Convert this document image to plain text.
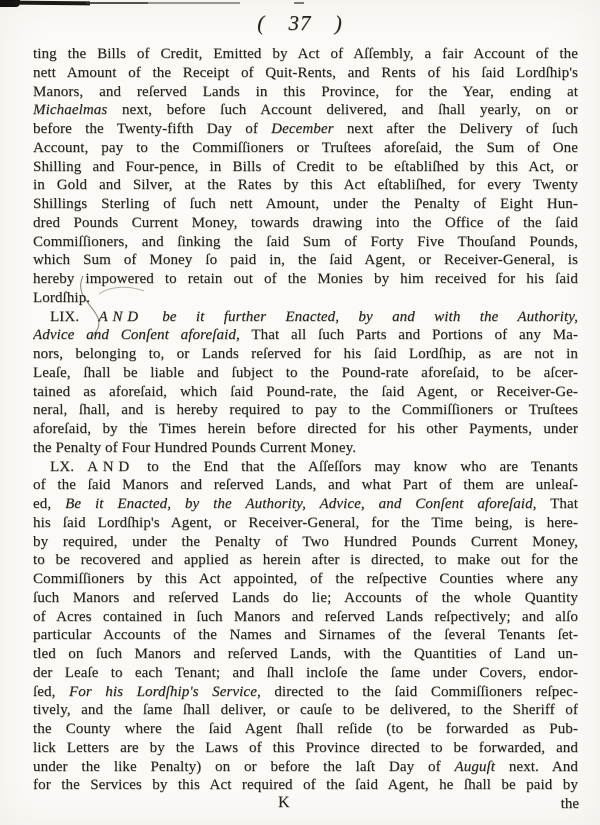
( 37 )
ting the Bills of Credit, Emitted by Act of Aſſembly, a fair Account of the
nett Amount of the Receipt of Quit-Rents, and Rents of his ſaid Lordſhip's
Manors, and reſerved Lands in this Province, for the Year, ending at
Michaelmas next, before ſuch Account delivered, and ſhall yearly, on or
before the Twenty-fifth Day of December next after the Delivery of ſuch
Account, pay to the Commiſſioners or Truſtees aforeſaid, the Sum of One
Shilling and Four-pence, in Bills of Credit to be eſtabliſhed by this Act, or
in Gold and Silver, at the Rates by this Act eſtabliſhed, for every Twenty
Shillings Sterling of ſuch nett Amount, under the Penalty of Eight Hun-
dred Pounds Current Money, towards drawing into the Office of the ſaid
Commiſſioners, and ſinking the ſaid Sum of Forty Five Thouſand Pounds,
which Sum of Money ſo paid in, the ſaid Agent, or Receiver-General, is
hereby impowered to retain out of the Monies by him received for his ſaid
Lordſhip.
LIX. AND be it further Enacted, by and with the Authority,
Advice and Conſent aforeſaid, That all ſuch Parts and Portions of any Ma-
nors, belonging to, or Lands reſerved for his ſaid Lordſhip, as are not in
Leaſe, ſhall be liable and ſubject to the Pound-rate aforeſaid, to be aſcer-
tained as aforeſaid, which ſaid Pound-rate, the ſaid Agent, or Receiver-Ge-
neral, ſhall, and is hereby required to pay to the Commiſſioners or Truſtees
aforeſaid, by the Times herein before directed for his other Payments, under
the Penalty of Four Hundred Pounds Current Money.
LX. AND to the End that the Aſſeſſors may know who are Tenants
of the ſaid Manors and reſerved Lands, and what Part of them are unleaſ-
ed, Be it Enacted, by the Authority, Advice, and Conſent aforeſaid, That
his ſaid Lordſhip's Agent, or Receiver-General, for the Time being, is here-
by required, under the Penalty of Two Hundred Pounds Current Money,
to be recovered and applied as herein after is directed, to make out for the
Commiſſioners by this Act appointed, of the reſpective Counties where any
ſuch Manors and reſerved Lands do lie; Accounts of the whole Quantity
of Acres contained in ſuch Manors and reſerved Lands reſpectively; and alſo
particular Accounts of the Names and Sirnames of the ſeveral Tenants ſet-
tled on ſuch Manors and reſerved Lands, with the Quantities of Land un-
der Leaſe to each Tenant; and ſhall incloſe the ſame under Covers, endor-
ſed, For his Lordſhip's Service, directed to the ſaid Commiſſioners reſpec-
tively, and the ſame ſhall deliver, or cauſe to be delivered, to the Sheriff of
the County where the ſaid Agent ſhall reſide (to be forwarded as Pub-
lick Letters are by the Laws of this Province directed to be forwarded, and
under the like Penalty) on or before the laſt Day of Auguſt next. And
for the Services by this Act required of the ſaid Agent, he ſhall be paid by
K	the
